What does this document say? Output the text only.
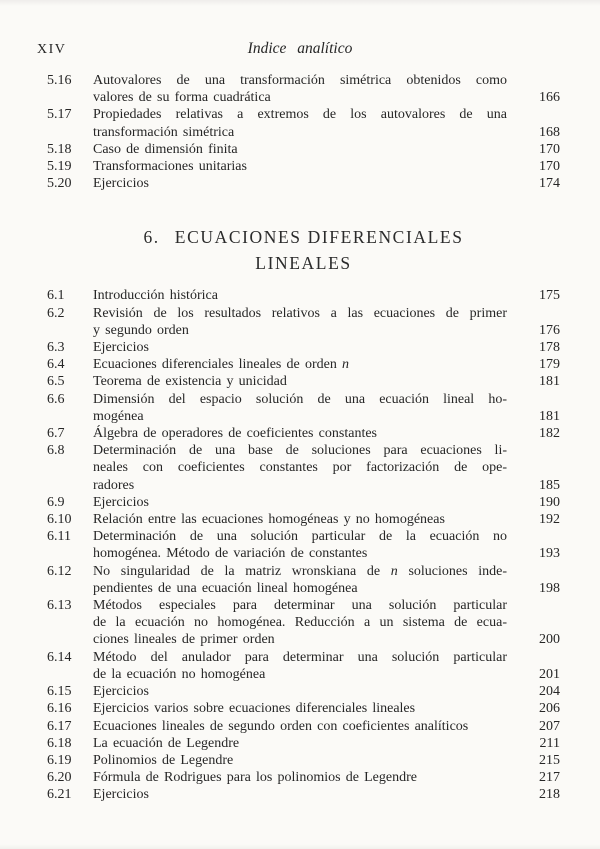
XIV	Indice analítico
5.16	Autovalores de una transformación simétrica obtenidos como
valores de su forma cuadrática	166
5.17	Propiedades relativas a extremos de los autovalores de una
transformación simétrica	168
5.18	Caso de dimensión finita	170
5.19	Transformaciones unitarias	170
5.20	Ejercicios	174
6. ECUACIONES DIFERENCIALES
LINEALES
6.1	Introducción histórica	175
6.2	Revisión de los resultados relativos a las ecuaciones de primer
y segundo orden	176
6.3	Ejercicios	178
6.4	Ecuaciones diferenciales lineales de orden n	179
6.5	Teorema de existencia y unicidad	181
6.6	Dimensión del espacio solución de una ecuación lineal ho-
mogénea	181
6.7	Álgebra de operadores de coeficientes constantes	182
6.8	Determinación de una base de soluciones para ecuaciones li-
neales con coeficientes constantes por factorización de ope-
radores	185
6.9	Ejercicios	190
6.10	Relación entre las ecuaciones homogéneas y no homogéneas	192
6.11	Determinación de una solución particular de la ecuación no
homogénea. Método de variación de constantes	193
6.12	No singularidad de la matriz wronskiana de n soluciones inde-
pendientes de una ecuación lineal homogénea	198
6.13	Métodos especiales para determinar una solución particular
de la ecuación no homogénea. Reducción a un sistema de ecua-
ciones lineales de primer orden	200
6.14	Método del anulador para determinar una solución particular
de la ecuación no homogénea	201
6.15	Ejercicios	204
6.16	Ejercicios varios sobre ecuaciones diferenciales lineales	206
6.17	Ecuaciones lineales de segundo orden con coeficientes analíticos	207
6.18	La ecuación de Legendre	211
6.19	Polinomios de Legendre	215
6.20	Fórmula de Rodrigues para los polinomios de Legendre	217
6.21	Ejercicios	218
